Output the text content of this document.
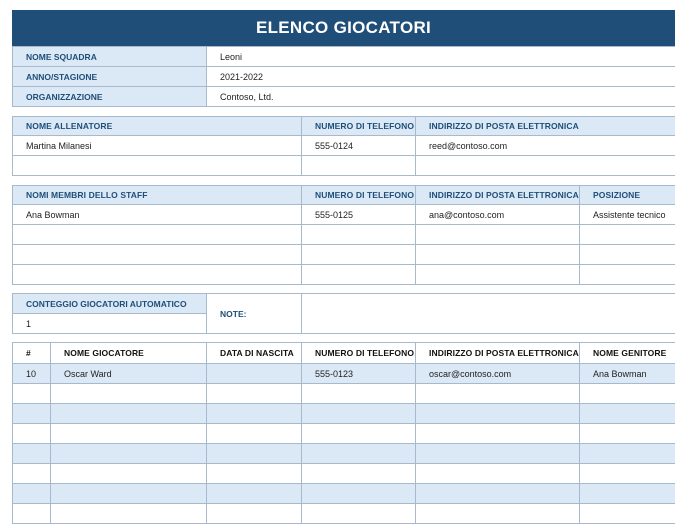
ELENCO GIOCATORI
NOME SQUADRA	Leoni
ANNO/STAGIONE	2021-2022
ORGANIZZAZIONE	Contoso, Ltd.
NOME ALLENATORE	NUMERO DI TELEFONO	INDIRIZZO DI POSTA ELETTRONICA
Martina Milanesi	555-0124	reed@contoso.com

NOMI MEMBRI DELLO STAFF	NUMERO DI TELEFONO	INDIRIZZO DI POSTA ELETTRONICA	POSIZIONE
Ana Bowman	555-0125	ana@contoso.com	Assistente tecnico

CONTEGGIO GIOCATORI AUTOMATICO	NOTE:	
1
#	NOME GIOCATORE	DATA DI NASCITA	NUMERO DI TELEFONO	INDIRIZZO DI POSTA ELETTRONICA	NOME GENITORE
10	Oscar Ward		555-0123	oscar@contoso.com	Ana Bowman
